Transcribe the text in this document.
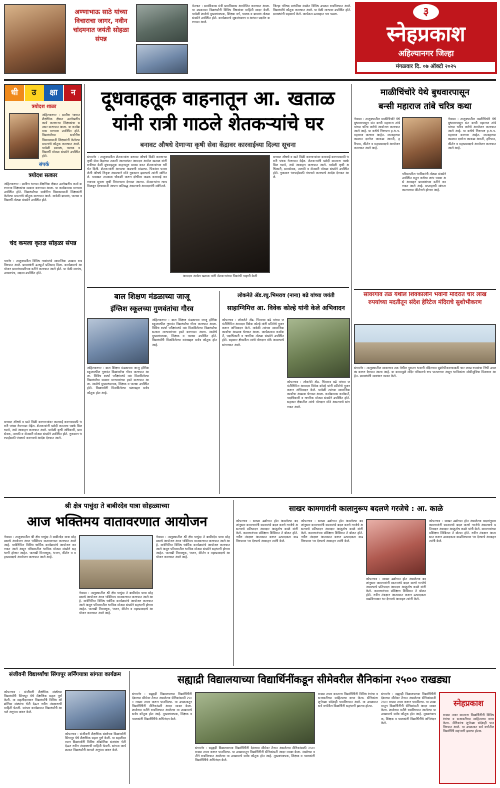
अण्णाभाऊ साठे यांच्या विचाराचा जागर, नवीन चांदमनात जयंती सोहळा संपन्न
वेतनात : ग्रामविकास मंत्री ग्रामविकास आयोजित करण्यात आला. या उपक्रमात विद्यार्थ्यांनी विविध विषयांवर माहिती सादर केली. यावेळी शाळेचे मुख्याध्यापक, शिक्षक वर्ग, पालक व ग्रामस्थ मोठ्या संख्येने उपस्थित होते. कार्यक्रमाचे सूत्रसंचालन व आभार प्रदर्शन करण्यात आले.
जिल्हा परिषद प्राथमिक शाळेत विविध उपक्रम राबविण्यात आले. विद्यार्थ्यांचे कौतुक करण्यात आले. या वेळी मान्यवर उपस्थित होते. ग्रामस्थांनी सहकार्य केले. कार्यक्रम उत्साहात पार पडला.	३
स्नेहप्रकाश
अहिल्यानगर जिल्हा
मंगळवार दि. ०७ ऑक्टो २०२५
धी	उ	क्षा	न
त्रयोदश शाळा
अहिल्यानगर : ग्रामीण भागात शैक्षणिक क्षेत्रात उल्लेखनीय कार्य करणाऱ्या शिक्षकांचा सत्कार करण्यात आला. या कार्यक्रमास मान्यवर उपस्थित होते. विद्यार्थ्यांच्या सर्वांगीण विकासासाठी शिक्षकांनी केलेल्या प्रयत्नांचे कौतुक करण्यात आले. यावेळी ग्रामस्थ, पालक व विद्यार्थी मोठ्या संख्येने उपस्थित होते.
संपर्क
त्रयोदश सत्कार
अहिल्यानगर : ग्रामीण भागात शैक्षणिक क्षेत्रात उल्लेखनीय कार्य करणाऱ्या शिक्षकांचा सत्कार करण्यात आला. या कार्यक्रमास मान्यवर उपस्थित होते. विद्यार्थ्यांच्या सर्वांगीण विकासासाठी शिक्षकांनी केलेल्या प्रयत्नांचे कौतुक करण्यात आले. यावेळी ग्रामस्थ, पालक व विद्यार्थी मोठ्या संख्येने उपस्थित होते.
चंद कमला कृतज्ञ सोहळा संपन्न
पारनेर : तालुक्यातील विविध गावांमध्ये सामाजिक उपक्रम राबविण्यात आले. ग्रामस्थांनी उत्स्फूर्त प्रतिसाद दिला. कार्यक्रमाचे आयोजन ग्रामपंचायतीच्या वतीने करण्यात आले होते. या वेळी सरपंच, उपसरपंच, सदस्य उपस्थित होते.
बनावट औषधे व खते विक्री करणाऱ्यांवर कारवाई करण्यासाठी भरारी पथक नेमण्यात येईल. शेतकऱ्यांनी खरेदी करताना पक्के बिल घ्यावे, असे आवाहन करण्यात आले. यावेळी कृषी अधिकारी, ग्रामसेवक, तलाठी व शेतकरी मोठ्या संख्येने उपस्थित होते. नुकसान भरपाईसाठी पंचनामे करण्याचे आदेश देण्यात आले.
दूधवाहतूक वाहनातून आ. खताळ
यांनी रात्री गाठले शेतकऱ्यांचे घर
बनावट औषधे देणाऱ्या कृषी सेवा केंद्रावर कारवाईच्या दिल्या सूचना
संगमनेर : तालुक्यातील शेतकऱ्यांना बनावट औषधे विक्री करणाऱ्या कृषी सेवा केंद्रांच्या तक्रारी आल्यानंतर आमदार अमोल खताळ यांनी रात्रीच्या वेळी दूधवाहतूक वाहनातून प्रवास करत शेतकऱ्यांच्या घरी भेट दिली. शेतकऱ्यांनी आपल्या अडचणी मांडल्या. पिकांवर फवारलेली औषधे निकृष्ट असल्याने मोठे नुकसान झाल्याचे त्यांनी सांगितले. याबाबत तात्काळ चौकशी करून दोषींवर कडक कारवाई करण्याच्या सूचना कृषी विभागाला देण्यात आल्या. शेतकऱ्यांना न्याय मिळवून देण्यासाठी आपण कटिबद्ध असल्याचे आमदारांनी सांगितले.
आमदार अमोल खताळ यांनी शेतकऱ्यांच्या पिकांची पाहणी केली
बनावट औषधे व खते विक्री करणाऱ्यांवर कारवाई करण्यासाठी भरारी पथक नेमण्यात येईल. शेतकऱ्यांनी खरेदी करताना पक्के बिल घ्यावे, असे आवाहन करण्यात आले. यावेळी कृषी अधिकारी, ग्रामसेवक, तलाठी व शेतकरी मोठ्या संख्येने उपस्थित होते. नुकसान भरपाईसाठी पंचनामे करण्याचे आदेश देण्यात आले.
माळीचिंचोरे येथे बुधवारपासून
बन्सी महाराज तांबे चरित्र कथा
नेवासा : तालुक्यातील माळीचिंचोरे येथे बुधवारपासून संत बन्सी महाराज तांबे यांच्या चरित्र कथेचे आयोजन करण्यात आले आहे. या कथेचे निरूपण ह.भ.प. महाराज करणार आहेत. सप्ताहाच्या काळात दररोज काकडा आरती, हरिपाठ, कीर्तन व महाप्रसादाचे आयोजन करण्यात आले आहे.
परिसरातील भाविकांनी मोठ्या संख्येने उपस्थित राहून कथेचा लाभ घ्यावा असे आवाहन ग्रामस्थांच्या वतीने करण्यात आले आहे. सप्ताहाची सांगता काल्याच्या कीर्तनाने होणार आहे.
नेवासा : तालुक्यातील माळीचिंचोरे येथे बुधवारपासून संत बन्सी महाराज तांबे यांच्या चरित्र कथेचे आयोजन करण्यात आले आहे. या कथेचे निरूपण ह.भ.प. महाराज करणार आहेत. सप्ताहाच्या काळात दररोज काकडा आरती, हरिपाठ, कीर्तन व महाप्रसादाचे आयोजन करण्यात आले आहे.
सावरगाव तळ येथील शिवकालीन भवानी मंदिरात चार लाख रुपयांच्या मदतीतून संदेश हेरिटेज मंदिराचे सुशोभीकरण
संगमनेर : तालुक्यातील सावरगाव तळ येथील पुरातन भवानी मंदिराच्या सुशोभीकरणासाठी चार लाख रुपयांचा निधी उपलब्ध करून देण्यात आला आहे. या कामामुळे मंदिर परिसराचे रूप पालटणार असून भाविकांना सोयीसुविधा मिळणार आहेत. ग्रामस्थांनी समाधान व्यक्त केले.
बाल शिक्षण मंडळाच्या जाजू
इंग्लिश स्कूलच्या गुणवंतांचा गौरव
अहिल्यानगर : बाल शिक्षण मंडळाच्या जाजू इंग्लिश स्कूलमधील गुणवंत विद्यार्थ्यांचा गौरव करण्यात आला. विविध स्पर्धा परीक्षांमध्ये यश मिळविलेल्या विद्यार्थ्यांचा सत्कार मान्यवरांच्या हस्ते करण्यात आला. शाळेचे मुख्याध्यापक, शिक्षक व पालक उपस्थित होते. विद्यार्थ्यांनी मिळविलेल्या यशाबद्दल सर्वत्र कौतुक होत आहे.
अहिल्यानगर : बाल शिक्षण मंडळाच्या जाजू इंग्लिश स्कूलमधील गुणवंत विद्यार्थ्यांचा गौरव करण्यात आला. विविध स्पर्धा परीक्षांमध्ये यश मिळविलेल्या विद्यार्थ्यांचा सत्कार मान्यवरांच्या हस्ते करण्यात आला. शाळेचे मुख्याध्यापक, शिक्षक व पालक उपस्थित होते. विद्यार्थ्यांनी मिळविलेल्या यशाबद्दल सर्वत्र कौतुक होत आहे.
लोकनेते ॲड.रघु.भिमराव (नाना) बढे यांच्या जयंती
साहाग्निमित्त आ. विवेक कोल्हे यांनी केले अभिवादन
कोपरगाव : लोकनेते ॲड. भिमराव बढे यांच्या जयंतीनिमित्त आमदार विवेक कोल्हे यांनी प्रतिमेचे पूजन करून अभिवादन केले. यावेळी त्यांच्या सामाजिक कार्याचा आढावा घेण्यात आला. कार्यक्रमास कार्यकर्ते, पदाधिकारी व नागरिक मोठ्या संख्येने उपस्थित होते. सहकार क्षेत्रातील त्यांचे योगदान मोठे असल्याचे सांगण्यात आले.
कोपरगाव : लोकनेते ॲड. भिमराव बढे यांच्या जयंतीनिमित्त आमदार विवेक कोल्हे यांनी प्रतिमेचे पूजन करून अभिवादन केले. यावेळी त्यांच्या सामाजिक कार्याचा आढावा घेण्यात आला. कार्यक्रमास कार्यकर्ते, पदाधिकारी व नागरिक मोठ्या संख्येने उपस्थित होते. सहकार क्षेत्रातील त्यांचे योगदान मोठे असल्याचे सांगण्यात आले.
श्री क्षेत्र पाचुंदा ते बाबीरदेव यात्रा सोहळ्याच्या
आज भक्तिमय वातावरणात आयोजन
नेवासा : तालुक्यातील श्री क्षेत्र पाचुंदा ते बाबीरदेव यात्रा सोहळ्याचे आयोजन आज भक्तिमय वातावरणात करण्यात आले आहे. यात्रेनिमित्त विविध धार्मिक कार्यक्रमांचे आयोजन करण्यात आले असून परिसरातील भाविक मोठ्या संख्येने सहभागी होणार आहेत. पालखी मिरवणूक, भजन, कीर्तन व महाप्रसादाचे आयोजन करण्यात आले आहे.
नेवासा : तालुक्यातील श्री क्षेत्र पाचुंदा ते बाबीरदेव यात्रा सोहळ्याचे आयोजन आज भक्तिमय वातावरणात करण्यात आले आहे. यात्रेनिमित्त विविध धार्मिक कार्यक्रमांचे आयोजन करण्यात आले असून परिसरातील भाविक मोठ्या संख्येने सहभागी होणार आहेत. पालखी मिरवणूक, भजन, कीर्तन व महाप्रसादाचे आयोजन करण्यात आले आहे.
नेवासा : तालुक्यातील श्री क्षेत्र पाचुंदा ते बाबीरदेव यात्रा सोहळ्याचे आयोजन आज भक्तिमय वातावरणात करण्यात आले आहे. यात्रेनिमित्त विविध धार्मिक कार्यक्रमांचे आयोजन करण्यात आले असून परिसरातील भाविक मोठ्या संख्येने सहभागी होणार आहेत. पालखी मिरवणूक, भजन, कीर्तन व महाप्रसादाचे आयोजन करण्यात आले आहे.
साखर कामगारांनी कालानुरूप बदलणे गरजेचे : आ. काळे
कोपरगाव : साखर उद्योगात होत असलेल्या बदलांनुसार कामगारांनी स्वतःमध्ये बदल करणे गरजेचे असल्याचे प्रतिपादन आमदार आशुतोष काळे यांनी केले. कामगारांच्या प्रशिक्षण शिबिरात ते बोलत होते. नवीन तंत्रज्ञान आत्मसात करून उत्पादकता वाढविण्यावर भर देण्याचे आवाहन त्यांनी केले.
कोपरगाव : साखर उद्योगात होत असलेल्या बदलांनुसार कामगारांनी स्वतःमध्ये बदल करणे गरजेचे असल्याचे प्रतिपादन आमदार आशुतोष काळे यांनी केले. कामगारांच्या प्रशिक्षण शिबिरात ते बोलत होते. नवीन तंत्रज्ञान आत्मसात करून उत्पादकता वाढविण्यावर भर देण्याचे आवाहन त्यांनी केले.
कोपरगाव : साखर उद्योगात होत असलेल्या बदलांनुसार कामगारांनी स्वतःमध्ये बदल करणे गरजेचे असल्याचे प्रतिपादन आमदार आशुतोष काळे यांनी केले. कामगारांच्या प्रशिक्षण शिबिरात ते बोलत होते. नवीन तंत्रज्ञान आत्मसात करून उत्पादकता वाढविण्यावर भर देण्याचे आवाहन त्यांनी केले.
कोपरगाव : साखर उद्योगात होत असलेल्या बदलांनुसार कामगारांनी स्वतःमध्ये बदल करणे गरजेचे असल्याचे प्रतिपादन आमदार आशुतोष काळे यांनी केले. कामगारांच्या प्रशिक्षण शिबिरात ते बोलत होते. नवीन तंत्रज्ञान आत्मसात करून उत्पादकता वाढविण्यावर भर देण्याचे आवाहन त्यांनी केले.
संजीवनी विद्यार्थ्यांचा सिंगापूर लर्निंगयात्रा सांगता कार्यक्रम
कोपरगाव : संजीवनी शैक्षणिक संस्थेच्या विद्यार्थ्यांनी सिंगापूर येथे शैक्षणिक सहल पूर्ण केली. या सहलीदरम्यान विद्यार्थ्यांनी विविध औद्योगिक संस्थांना भेटी देऊन नवीन तंत्रज्ञानाची माहिती घेतली. सांगता कार्यक्रमात विद्यार्थ्यांनी आपले अनुभव कथन केले.
कोपरगाव : संजीवनी शैक्षणिक संस्थेच्या विद्यार्थ्यांनी सिंगापूर येथे शैक्षणिक सहल पूर्ण केली. या सहलीदरम्यान विद्यार्थ्यांनी विविध औद्योगिक संस्थांना भेटी देऊन नवीन तंत्रज्ञानाची माहिती घेतली. सांगता कार्यक्रमात विद्यार्थ्यांनी आपले अनुभव कथन केले.
सह्याद्री विद्यालयाच्या विद्यार्थिनींकडून सीमेवरील सैनिकांना २५०० राखड्या
संगमनेर : सह्याद्री विद्यालयाच्या विद्यार्थिनींनी देशाच्या सीमेवर तैनात असलेल्या सैनिकांसाठी २५०० राख्या तयार करून पाठविल्या. या उपक्रमातून विद्यार्थिनींनी सैनिकांप्रती आदर व्यक्त केला. शाळेच्या वतीने राबविण्यात आलेल्या या उपक्रमाचे सर्वत्र कौतुक होत आहे. मुख्याध्यापक, शिक्षक व पालकांनी विद्यार्थिनींचे अभिनंदन केले.
संगमनेर : सह्याद्री विद्यालयाच्या विद्यार्थिनींनी देशाच्या सीमेवर तैनात असलेल्या सैनिकांसाठी २५०० राख्या तयार करून पाठविल्या. या उपक्रमातून विद्यार्थिनींनी सैनिकांप्रती आदर व्यक्त केला. शाळेच्या वतीने राबविण्यात आलेल्या या उपक्रमाचे सर्वत्र कौतुक होत आहे. मुख्याध्यापक, शिक्षक व पालकांनी विद्यार्थिनींचे अभिनंदन केले.
राख्या तयार करताना विद्यार्थिनींनी विविध रंगांचा व सजावटीच्या साहित्याचा वापर केला. सैनिकांना शुभेच्छा संदेशही पाठविण्यात आले. या उपक्रमात सर्व वर्गांतील विद्यार्थिनी सहभागी झाल्या होत्या.
संगमनेर : सह्याद्री विद्यालयाच्या विद्यार्थिनींनी देशाच्या सीमेवर तैनात असलेल्या सैनिकांसाठी २५०० राख्या तयार करून पाठविल्या. या उपक्रमातून विद्यार्थिनींनी सैनिकांप्रती आदर व्यक्त केला. शाळेच्या वतीने राबविण्यात आलेल्या या उपक्रमाचे सर्वत्र कौतुक होत आहे. मुख्याध्यापक, शिक्षक व पालकांनी विद्यार्थिनींचे अभिनंदन केले.
स्नेहप्रकाश
राख्या तयार करताना विद्यार्थिनींनी विविध रंगांचा व सजावटीच्या साहित्याचा वापर केला. सैनिकांना शुभेच्छा संदेशही पाठविण्यात आले. या उपक्रमात सर्व वर्गांतील विद्यार्थिनी सहभागी झाल्या होत्या.
